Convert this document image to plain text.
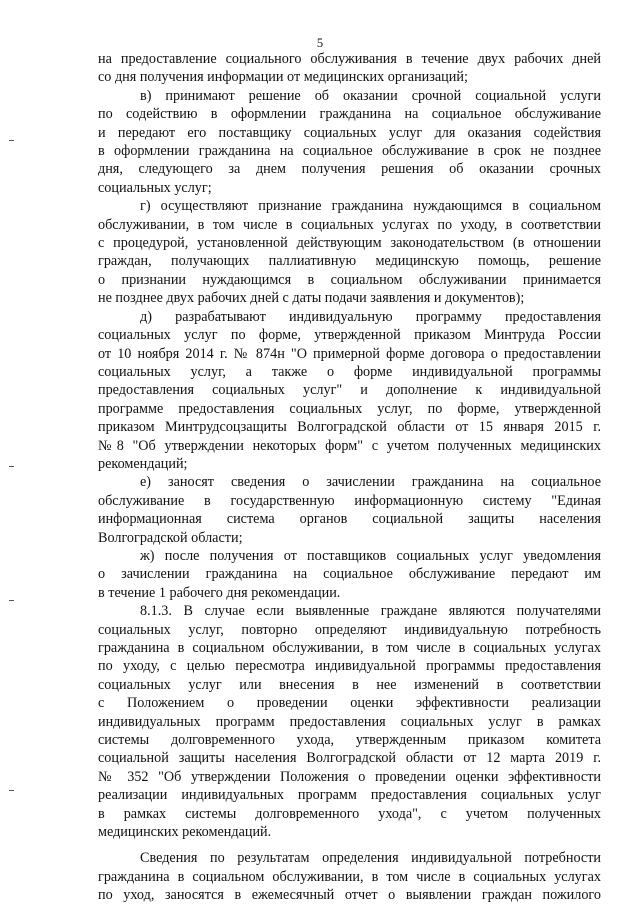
5
на предоставление социального обслуживания в течение двух рабочих дней
со дня получения информации от медицинских организаций;
в) принимают решение об оказании срочной социальной услуги
по содействию в оформлении гражданина на социальное обслуживание
и передают его поставщику социальных услуг для оказания содействия
в оформлении гражданина на социальное обслуживание в срок не позднее
дня, следующего за днем получения решения об оказании срочных
социальных услуг;
г) осуществляют признание гражданина нуждающимся в социальном
обслуживании, в том числе в социальных услугах по уходу, в соответствии
с процедурой, установленной действующим законодательством (в отношении
граждан, получающих паллиативную медицинскую помощь, решение
о признании нуждающимся в социальном обслуживании принимается
не позднее двух рабочих дней с даты подачи заявления и документов);
д) разрабатывают индивидуальную программу предоставления
социальных услуг по форме, утвержденной приказом Минтруда России
от 10 ноября 2014 г. № 874н "О примерной форме договора о предоставлении
социальных услуг, а также о форме индивидуальной программы
предоставления социальных услуг" и дополнение к индивидуальной
программе предоставления социальных услуг, по форме, утвержденной
приказом Минтрудсоцзащиты Волгоградской области от 15 января 2015 г.
№8 "Об утверждении некоторых форм" с учетом полученных медицинских
рекомендаций;
е) заносят сведения о зачислении гражданина на социальное
обслуживание в государственную информационную систему "Единая
информационная система органов социальной защиты населения
Волгоградской области;
ж) после получения от поставщиков социальных услуг уведомления
о зачислении гражданина на социальное обслуживание передают им
в течение 1 рабочего дня рекомендации.
8.1.3. В случае если выявленные граждане являются получателями
социальных услуг, повторно определяют индивидуальную потребность
гражданина в социальном обслуживании, в том числе в социальных услугах
по уходу, с целью пересмотра индивидуальной программы предоставления
социальных услуг или внесения в нее изменений в соответствии
с Положением о проведении оценки эффективности реализации
индивидуальных программ предоставления социальных услуг в рамках
системы долговременного ухода, утвержденным приказом комитета
социальной защиты населения Волгоградской области от 12 марта 2019 г.
№ 352 "Об утверждении Положения о проведении оценки эффективности
реализации индивидуальных программ предоставления социальных услуг
в рамках системы долговременного ухода", с учетом полученных
медицинских рекомендаций.
Сведения по результатам определения индивидуальной потребности
гражданина в социальном обслуживании, в том числе в социальных услугах
по уход, заносятся в ежемесячный отчет о выявлении граждан пожилого
